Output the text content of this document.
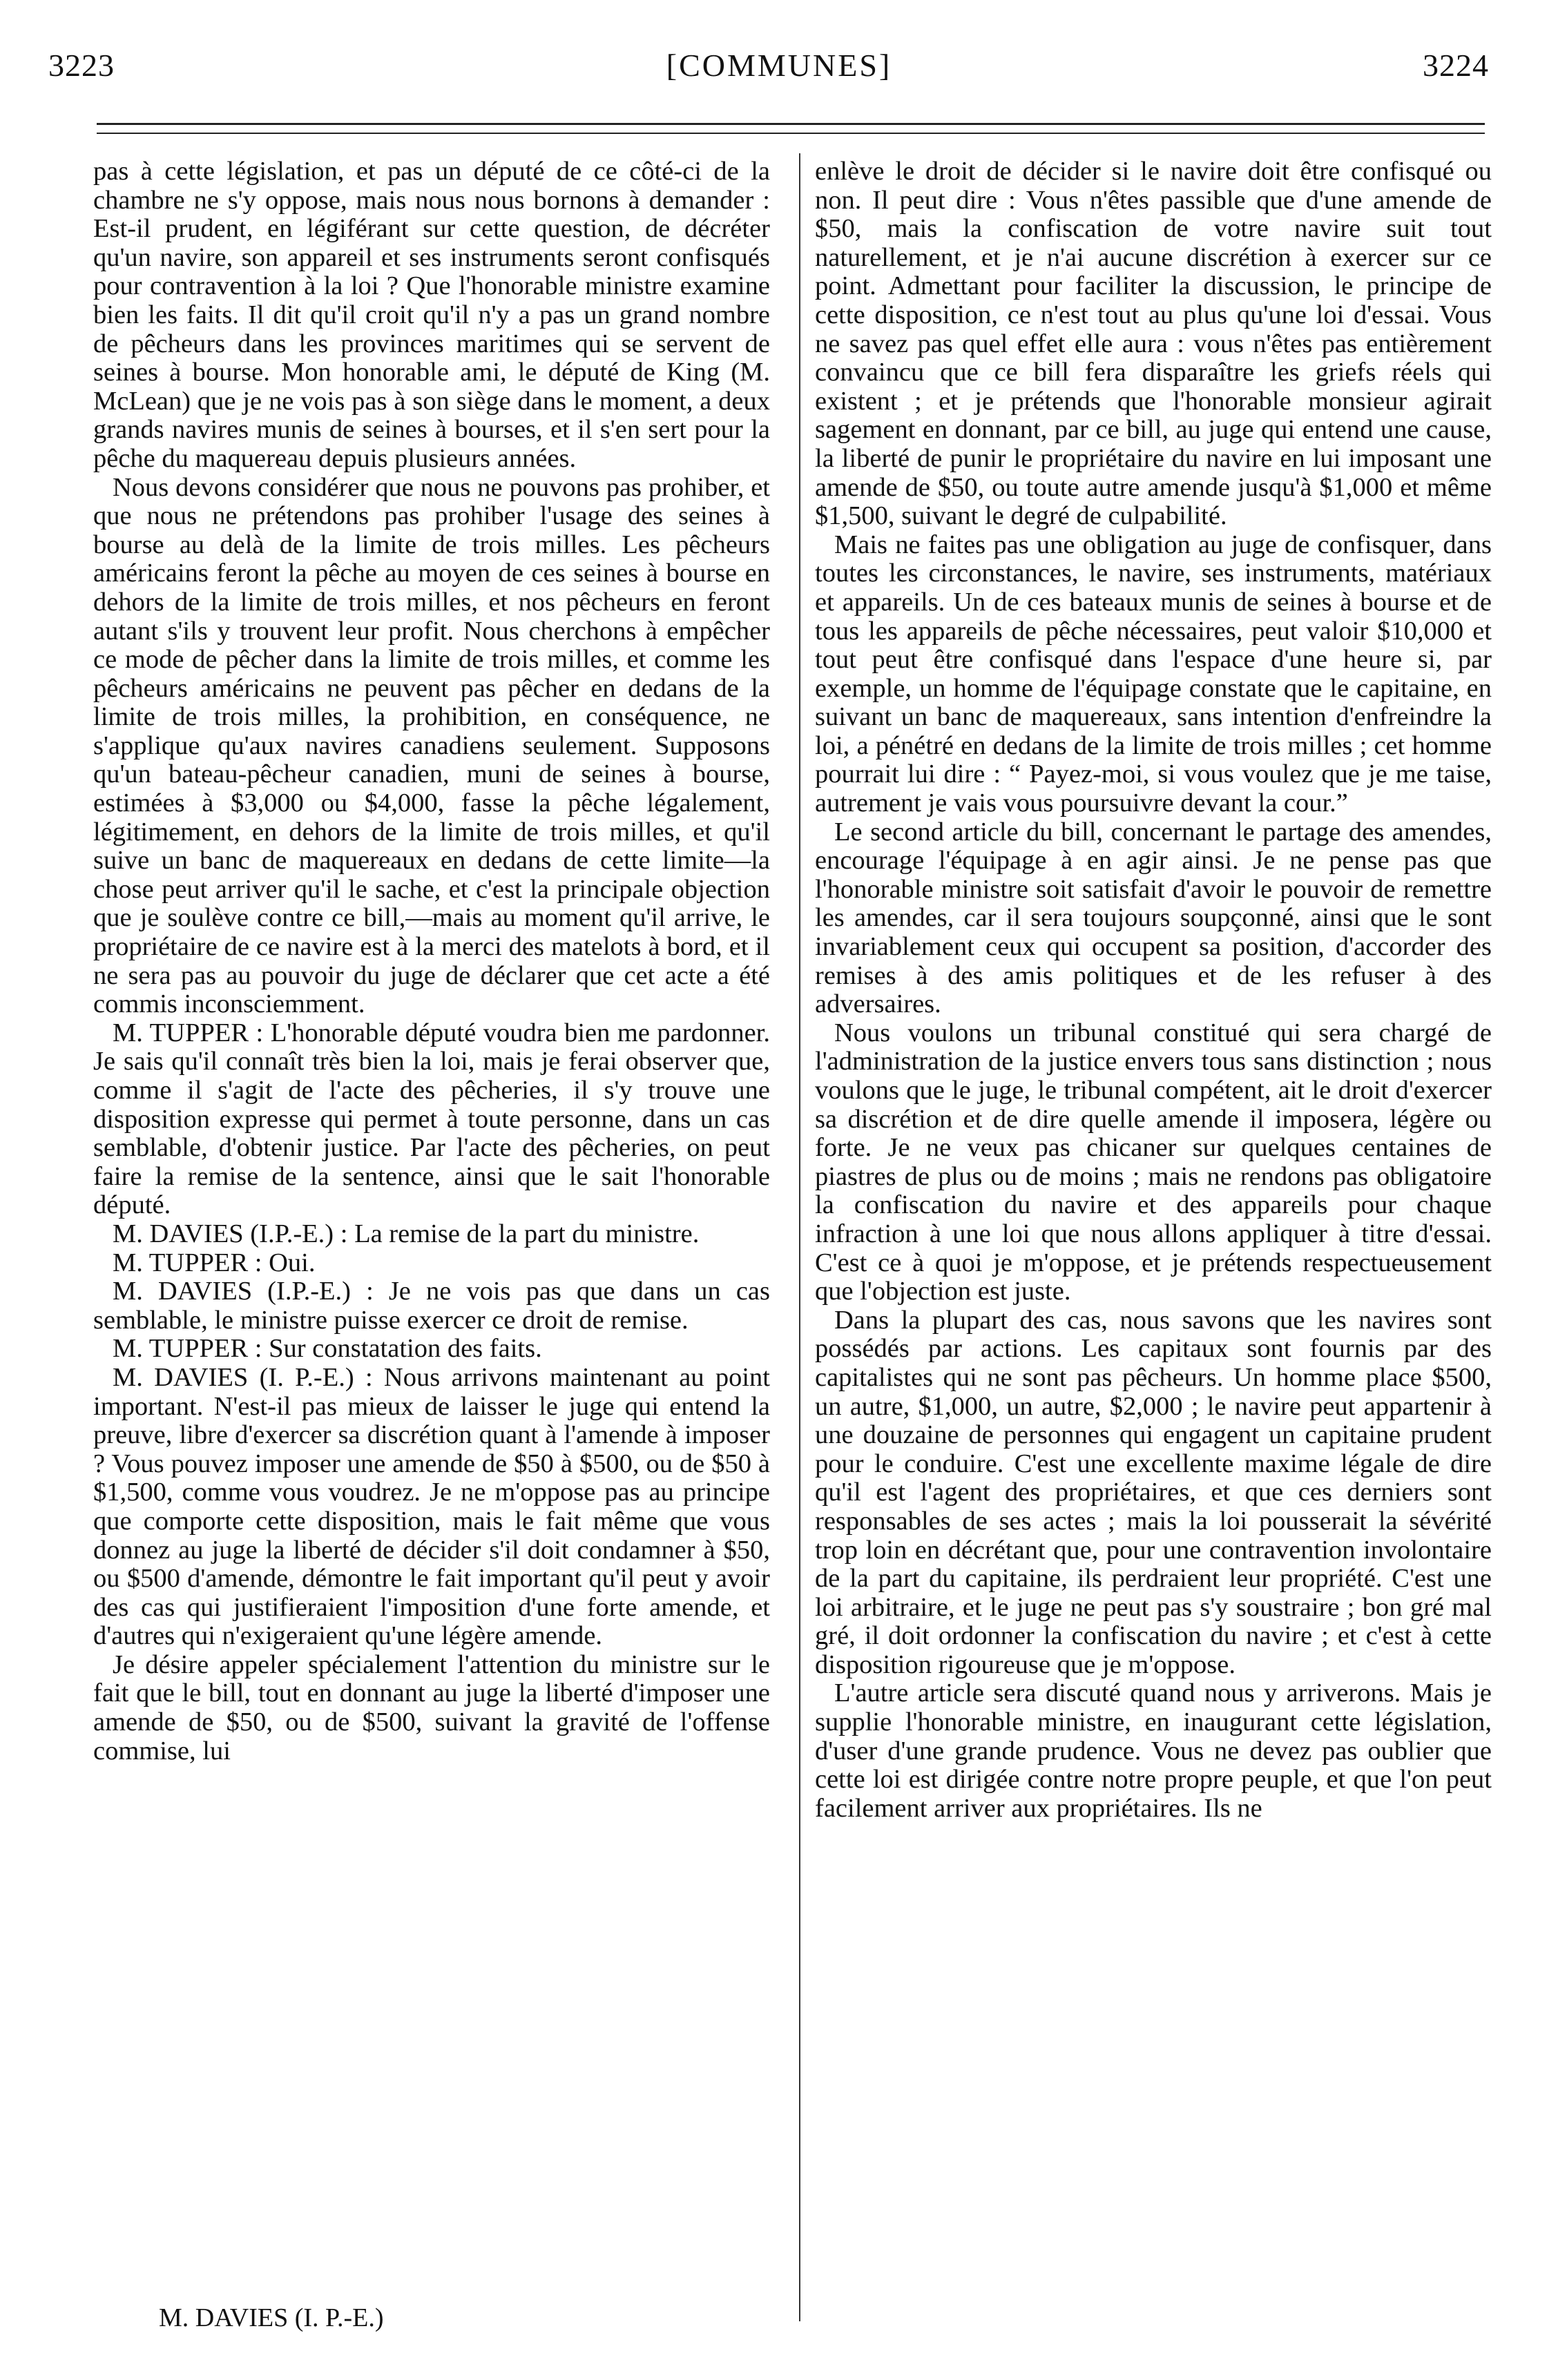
3223	[COMMUNES]	3224

pas à cette législation, et pas un député de ce côté-ci de la chambre ne s'y oppose, mais nous nous bornons à demander : Est-il prudent, en légiférant sur cette question, de décréter qu'un navire, son appareil et ses instruments seront confisqués pour contravention à la loi ? Que l'honorable ministre examine bien les faits. Il dit qu'il croit qu'il n'y a pas un grand nombre de pêcheurs dans les provinces maritimes qui se servent de seines à bourse. Mon honorable ami, le député de King (M. McLean) que je ne vois pas à son siège dans le moment, a deux grands navires munis de seines à bourses, et il s'en sert pour la pêche du maquereau depuis plusieurs années.

Nous devons considérer que nous ne pouvons pas prohiber, et que nous ne prétendons pas prohiber l'usage des seines à bourse au delà de la limite de trois milles. Les pêcheurs américains feront la pêche au moyen de ces seines à bourse en dehors de la limite de trois milles, et nos pêcheurs en feront autant s'ils y trouvent leur profit. Nous cherchons à empêcher ce mode de pêcher dans la limite de trois milles, et comme les pêcheurs américains ne peuvent pas pêcher en dedans de la limite de trois milles, la prohibition, en conséquence, ne s'applique qu'aux navires canadiens seulement. Supposons qu'un bateau-pêcheur canadien, muni de seines à bourse, estimées à $3,000 ou $4,000, fasse la pêche légalement, légitimement, en dehors de la limite de trois milles, et qu'il suive un banc de maquereaux en dedans de cette limite—la chose peut arriver qu'il le sache, et c'est la principale objection que je soulève contre ce bill,—mais au moment qu'il arrive, le propriétaire de ce navire est à la merci des matelots à bord, et il ne sera pas au pouvoir du juge de déclarer que cet acte a été commis inconsciemment.

M. TUPPER : L'honorable député voudra bien me pardonner. Je sais qu'il connaît très bien la loi, mais je ferai observer que, comme il s'agit de l'acte des pêcheries, il s'y trouve une disposition expresse qui permet à toute personne, dans un cas semblable, d'obtenir justice. Par l'acte des pêcheries, on peut faire la remise de la sentence, ainsi que le sait l'honorable député.

M. DAVIES (I.P.-E.) : La remise de la part du ministre.

M. TUPPER : Oui.

M. DAVIES (I.P.-E.) : Je ne vois pas que dans un cas semblable, le ministre puisse exercer ce droit de remise.

M. TUPPER : Sur constatation des faits.

M. DAVIES (I. P.-E.) : Nous arrivons maintenant au point important. N'est-il pas mieux de laisser le juge qui entend la preuve, libre d'exercer sa discrétion quant à l'amende à imposer ? Vous pouvez imposer une amende de $50 à $500, ou de $50 à $1,500, comme vous voudrez. Je ne m'oppose pas au principe que comporte cette disposition, mais le fait même que vous donnez au juge la liberté de décider s'il doit condamner à $50, ou $500 d'amende, démontre le fait important qu'il peut y avoir des cas qui justifieraient l'imposition d'une forte amende, et d'autres qui n'exigeraient qu'une légère amende.

Je désire appeler spécialement l'attention du ministre sur le fait que le bill, tout en donnant au juge la liberté d'imposer une amende de $50, ou de $500, suivant la gravité de l'offense commise, lui

enlève le droit de décider si le navire doit être confisqué ou non. Il peut dire : Vous n'êtes passible que d'une amende de $50, mais la confiscation de votre navire suit tout naturellement, et je n'ai aucune discrétion à exercer sur ce point. Admettant pour faciliter la discussion, le principe de cette disposition, ce n'est tout au plus qu'une loi d'essai. Vous ne savez pas quel effet elle aura : vous n'êtes pas entièrement convaincu que ce bill fera disparaître les griefs réels qui existent ; et je prétends que l'honorable monsieur agirait sagement en donnant, par ce bill, au juge qui entend une cause, la liberté de punir le propriétaire du navire en lui imposant une amende de $50, ou toute autre amende jusqu'à $1,000 et même $1,500, suivant le degré de culpabilité.

Mais ne faites pas une obligation au juge de confisquer, dans toutes les circonstances, le navire, ses instruments, matériaux et appareils. Un de ces bateaux munis de seines à bourse et de tous les appareils de pêche nécessaires, peut valoir $10,000 et tout peut être confisqué dans l'espace d'une heure si, par exemple, un homme de l'équipage constate que le capitaine, en suivant un banc de maquereaux, sans intention d'enfreindre la loi, a pénétré en dedans de la limite de trois milles ; cet homme pourrait lui dire : “ Payez-moi, si vous voulez que je me taise, autrement je vais vous poursuivre devant la cour.”

Le second article du bill, concernant le partage des amendes, encourage l'équipage à en agir ainsi. Je ne pense pas que l'honorable ministre soit satisfait d'avoir le pouvoir de remettre les amendes, car il sera toujours soupçonné, ainsi que le sont invariablement ceux qui occupent sa position, d'accorder des remises à des amis politiques et de les refuser à des adversaires.

Nous voulons un tribunal constitué qui sera chargé de l'administration de la justice envers tous sans distinction ; nous voulons que le juge, le tribunal compétent, ait le droit d'exercer sa discrétion et de dire quelle amende il imposera, légère ou forte. Je ne veux pas chicaner sur quelques centaines de piastres de plus ou de moins ; mais ne rendons pas obligatoire la confiscation du navire et des appareils pour chaque infraction à une loi que nous allons appliquer à titre d'essai. C'est ce à quoi je m'oppose, et je prétends respectueusement que l'objection est juste.

Dans la plupart des cas, nous savons que les navires sont possédés par actions. Les capitaux sont fournis par des capitalistes qui ne sont pas pêcheurs. Un homme place $500, un autre, $1,000, un autre, $2,000 ; le navire peut appartenir à une douzaine de personnes qui engagent un capitaine prudent pour le conduire. C'est une excellente maxime légale de dire qu'il est l'agent des propriétaires, et que ces derniers sont responsables de ses actes ; mais la loi pousserait la sévérité trop loin en décrétant que, pour une contravention involontaire de la part du capitaine, ils perdraient leur propriété. C'est une loi arbitraire, et le juge ne peut pas s'y soustraire ; bon gré mal gré, il doit ordonner la confiscation du navire ; et c'est à cette disposition rigoureuse que je m'oppose.

L'autre article sera discuté quand nous y arriverons. Mais je supplie l'honorable ministre, en inaugurant cette législation, d'user d'une grande prudence. Vous ne devez pas oublier que cette loi est dirigée contre notre propre peuple, et que l'on peut facilement arriver aux propriétaires. Ils ne

M. DAVIES (I. P.-E.)
